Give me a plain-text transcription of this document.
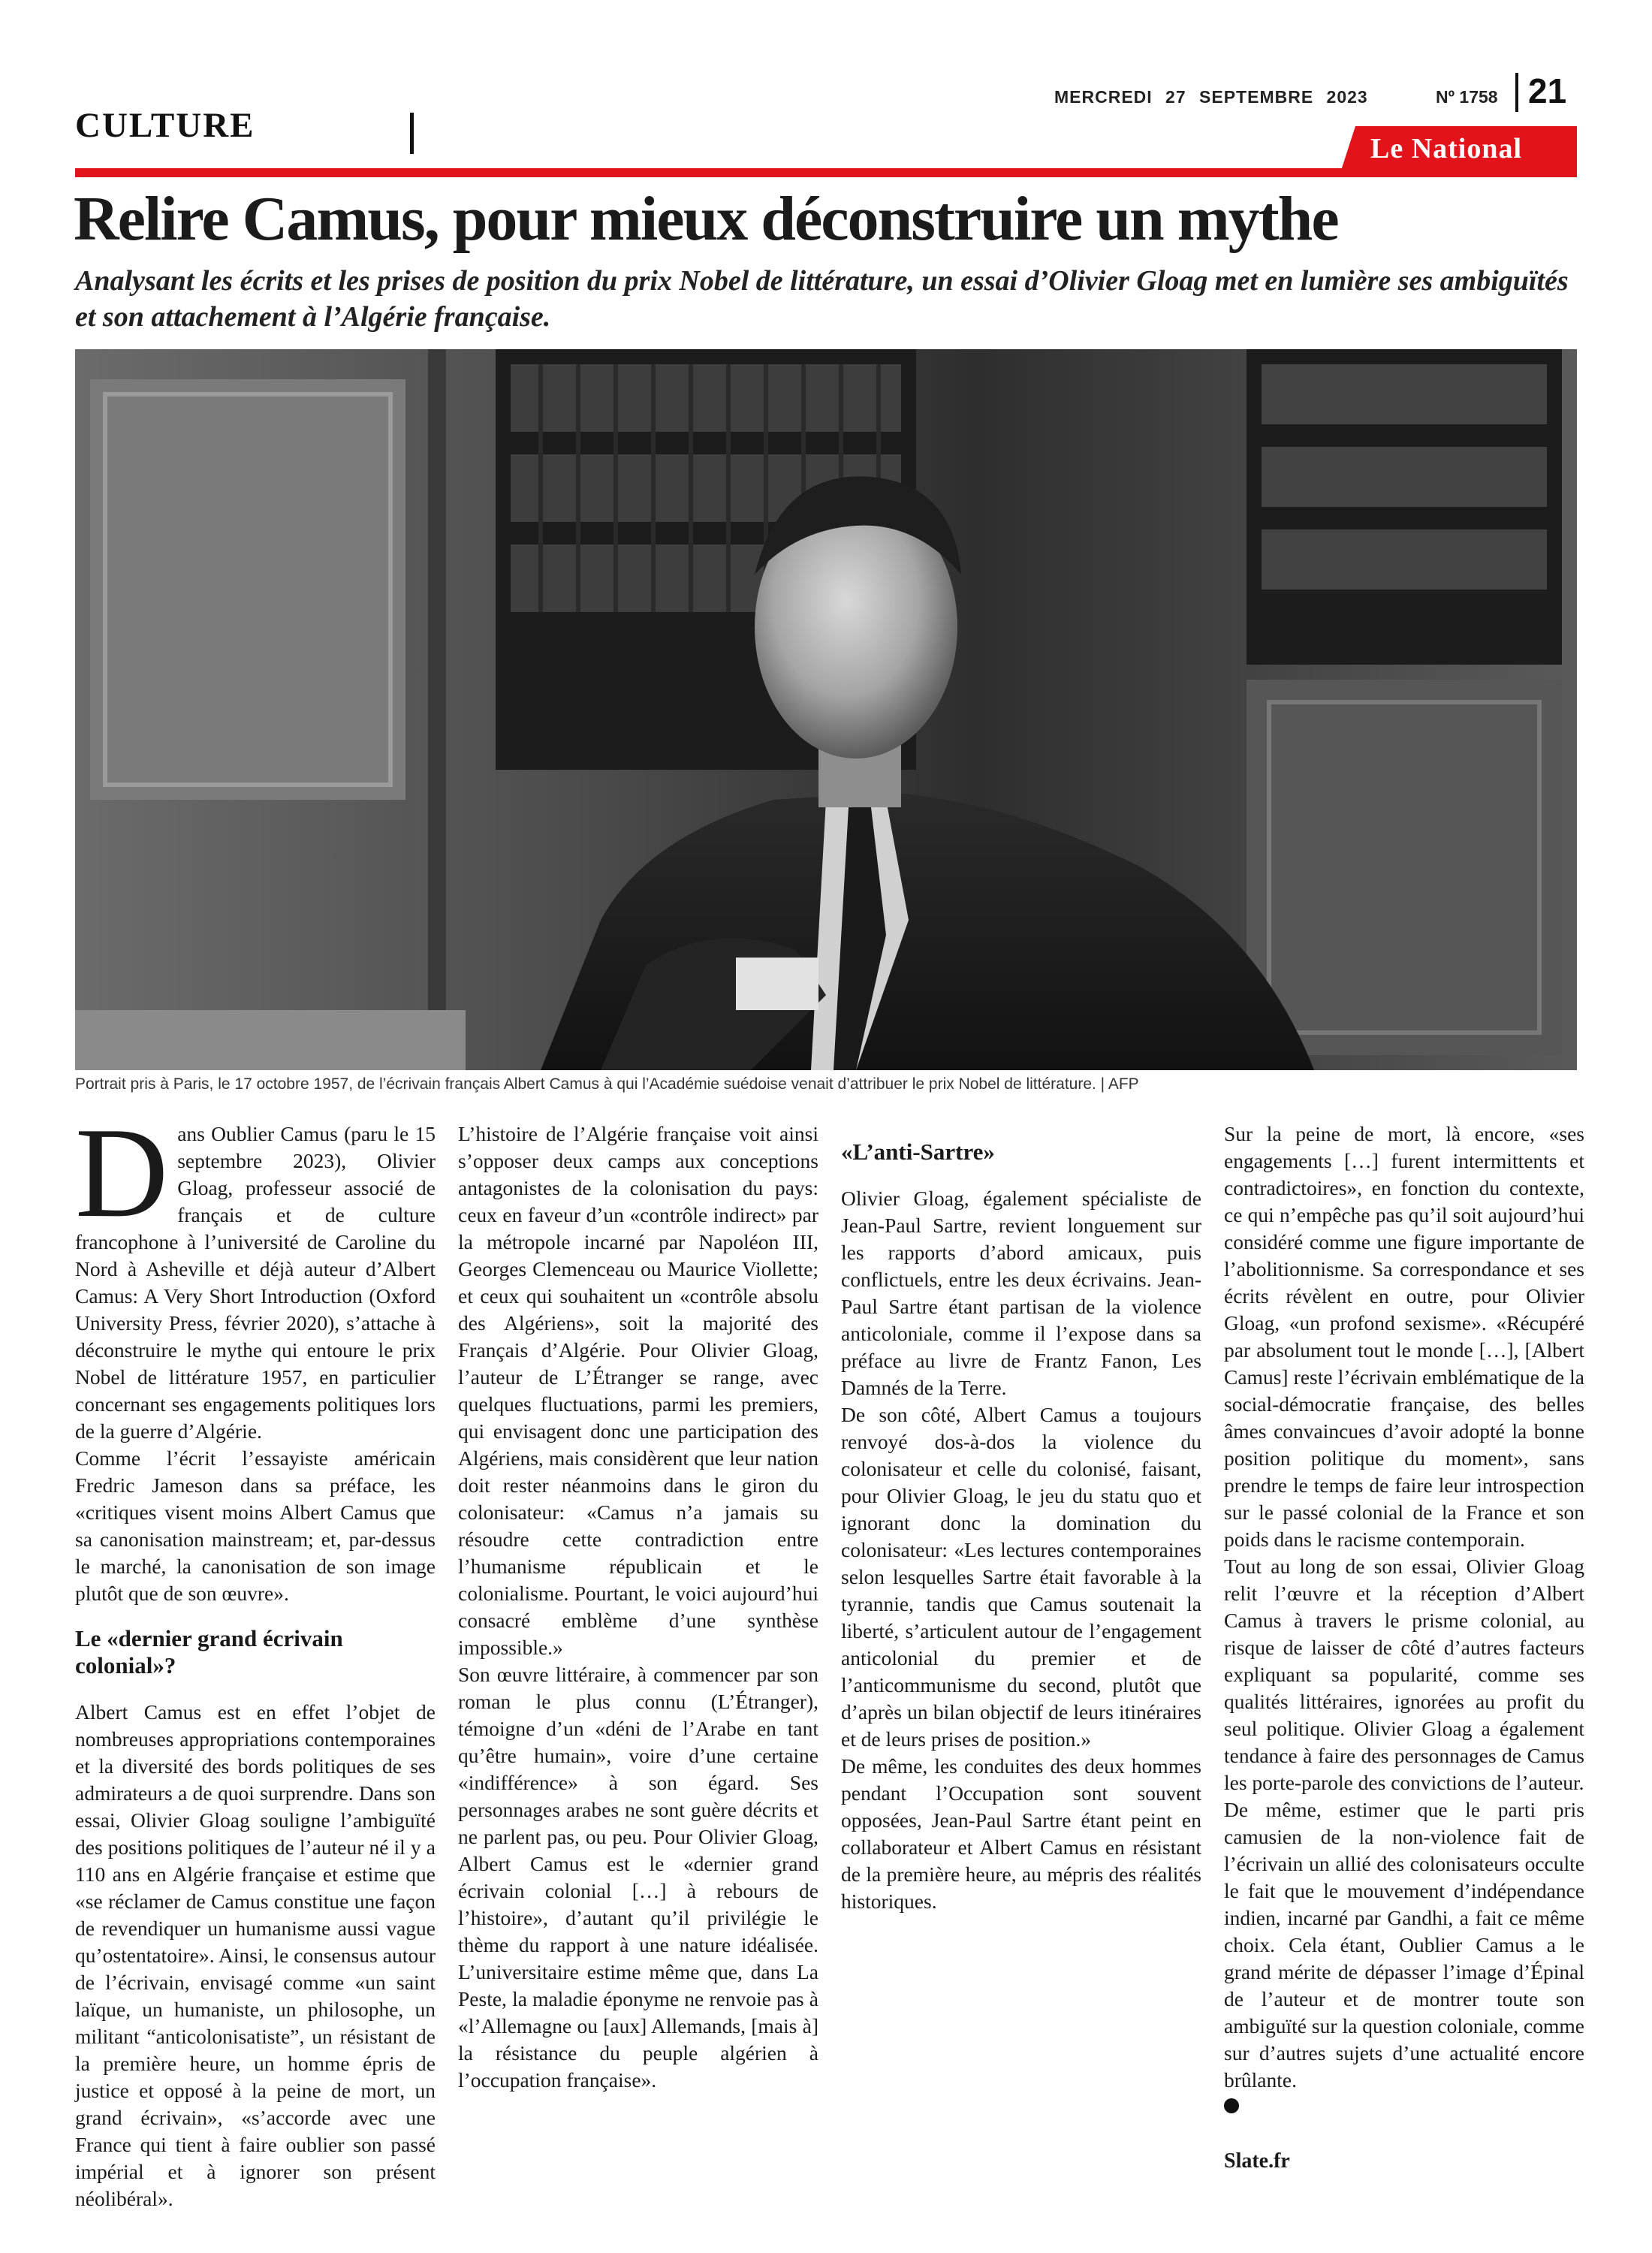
CULTURE
MERCREDI 27 SEPTEMBRE 2023	Nº 1758 21
Le National
Relire Camus, pour mieux déconstruire un mythe
Analysant les écrits et les prises de position du prix Nobel de littérature, un essai d’Olivier Gloag met en lumière ses ambiguïtés et son attachement à l’Algérie française.
Portrait pris à Paris, le 17 octobre 1957, de l’écrivain français Albert Camus à qui l’Académie suédoise venait d’attribuer le prix Nobel de littérature. | AFP

Dans Oublier Camus (paru le 15 septembre 2023), Olivier Gloag, professeur associé de français et de culture francophone à l’université de Caroline du Nord à Asheville et déjà auteur d’Albert Camus: A Very Short Introduction (Oxford University Press, février 2020), s’attache à déconstruire le mythe qui entoure le prix Nobel de littérature 1957, en particulier concernant ses engagements politiques lors de la guerre d’Algérie.

Comme l’écrit l’essayiste américain Fredric Jameson dans sa préface, les «critiques visent moins Albert Camus que sa canonisation mainstream; et, par-dessus le marché, la canonisation de son image plutôt que de son œuvre».

Le «dernier grand écrivain colonial»?

Albert Camus est en effet l’objet de nombreuses appropriations contemporaines et la diversité des bords politiques de ses admirateurs a de quoi surprendre. Dans son essai, Olivier Gloag souligne l’ambiguïté des positions politiques de l’auteur né il y a 110 ans en Algérie française et estime que «se réclamer de Camus constitue une façon de revendiquer un humanisme aussi vague qu’ostentatoire». Ainsi, le consensus autour de l’écrivain, envisagé comme «un saint laïque, un humaniste, un philosophe, un militant “anticolonisatiste”, un résistant de la première heure, un homme épris de justice et opposé à la peine de mort, un grand écrivain», «s’accorde avec une France qui tient à faire oublier son passé impérial et à ignorer son présent néolibéral».

L’histoire de l’Algérie française voit ainsi s’opposer deux camps aux conceptions antagonistes de la colonisation du pays: ceux en faveur d’un «contrôle indirect» par la métropole incarné par Napoléon III, Georges Clemenceau ou Maurice Viollette; et ceux qui souhaitent un «contrôle absolu des Algériens», soit la majorité des Français d’Algérie. Pour Olivier Gloag, l’auteur de L’Étranger se range, avec quelques fluctuations, parmi les premiers, qui envisagent donc une participation des Algériens, mais considèrent que leur nation doit rester néanmoins dans le giron du colonisateur: «Camus n’a jamais su résoudre cette contradiction entre l’humanisme républicain et le colonialisme. Pourtant, le voici aujourd’hui consacré emblème d’une synthèse impossible.»

Son œuvre littéraire, à commencer par son roman le plus connu (L’Étranger), témoigne d’un «déni de l’Arabe en tant qu’être humain», voire d’une certaine «indifférence» à son égard. Ses personnages arabes ne sont guère décrits et ne parlent pas, ou peu. Pour Olivier Gloag, Albert Camus est le «dernier grand écrivain colonial […] à rebours de l’histoire», d’autant qu’il privilégie le thème du rapport à une nature idéalisée. L’universitaire estime même que, dans La Peste, la maladie éponyme ne renvoie pas à «l’Allemagne ou [aux] Allemands, [mais à] la résistance du peuple algérien à l’occupation française».

«L’anti-Sartre»

Olivier Gloag, également spécialiste de Jean-Paul Sartre, revient longuement sur les rapports d’abord amicaux, puis conflictuels, entre les deux écrivains. Jean-Paul Sartre étant partisan de la violence anticoloniale, comme il l’expose dans sa préface au livre de Frantz Fanon, Les Damnés de la Terre.

De son côté, Albert Camus a toujours renvoyé dos-à-dos la violence du colonisateur et celle du colonisé, faisant, pour Olivier Gloag, le jeu du statu quo et ignorant donc la domination du colonisateur: «Les lectures contemporaines selon lesquelles Sartre était favorable à la tyrannie, tandis que Camus soutenait la liberté, s’articulent autour de l’engagement anticolonial du premier et de l’anticommunisme du second, plutôt que d’après un bilan objectif de leurs itinéraires et de leurs prises de position.»

De même, les conduites des deux hommes pendant l’Occupation sont souvent opposées, Jean-Paul Sartre étant peint en collaborateur et Albert Camus en résistant de la première heure, au mépris des réalités historiques.

Sur la peine de mort, là encore, «ses engagements […] furent intermittents et contradictoires», en fonction du contexte, ce qui n’empêche pas qu’il soit aujourd’hui considéré comme une figure importante de l’abolitionnisme. Sa correspondance et ses écrits révèlent en outre, pour Olivier Gloag, «un profond sexisme». «Récupéré par absolument tout le monde […], [Albert Camus] reste l’écrivain emblématique de la social-démocratie française, des belles âmes convaincues d’avoir adopté la bonne position politique du moment», sans prendre le temps de faire leur introspection sur le passé colonial de la France et son poids dans le racisme contemporain.

Tout au long de son essai, Olivier Gloag relit l’œuvre et la réception d’Albert Camus à travers le prisme colonial, au risque de laisser de côté d’autres facteurs expliquant sa popularité, comme ses qualités littéraires, ignorées au profit du seul politique. Olivier Gloag a également tendance à faire des personnages de Camus les porte-parole des convictions de l’auteur.

De même, estimer que le parti pris camusien de la non-violence fait de l’écrivain un allié des colonisateurs occulte le fait que le mouvement d’indépendance indien, incarné par Gandhi, a fait ce même choix. Cela étant, Oublier Camus a le grand mérite de dépasser l’image d’Épinal de l’auteur et de montrer toute son ambiguïté sur la question coloniale, comme sur d’autres sujets d’une actualité encore brûlante.

Slate.fr
